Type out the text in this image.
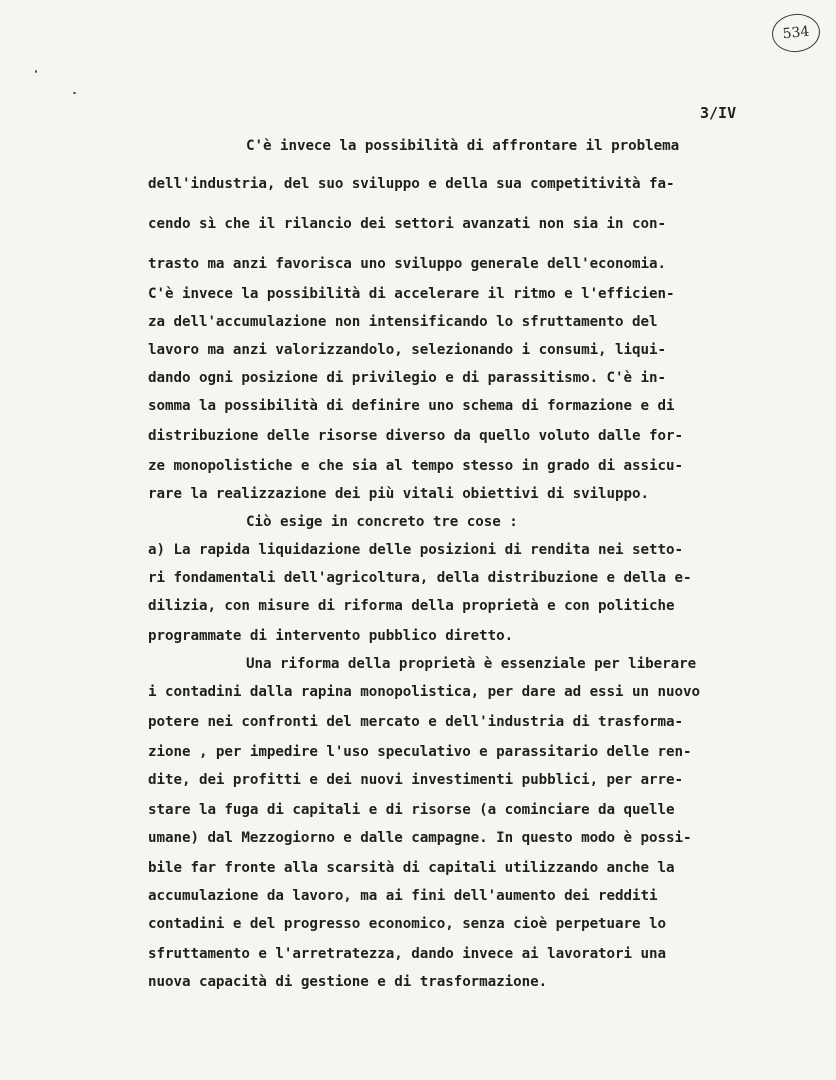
534
3/IV
C'è invece la possibilità di affrontare il problema
dell'industria, del suo sviluppo e della sua competitività fa-
cendo sì che il rilancio dei settori avanzati non sia in con-
trasto ma anzi favorisca uno sviluppo generale dell'economia.
C'è invece la possibilità di accelerare il ritmo e l'efficien-
za dell'accumulazione non intensificando lo sfruttamento del
lavoro ma anzi valorizzandolo, selezionando i consumi, liqui-
dando ogni posizione di privilegio e di parassitismo. C'è in-
somma la possibilità di definire uno schema di formazione e di
distribuzione delle risorse diverso da quello voluto dalle for-
ze monopolistiche e che sia al tempo stesso in grado di assicu-
rare la realizzazione dei più vitali obiettivi di sviluppo.
Ciò esige in concreto tre cose :
a) La rapida liquidazione delle posizioni di rendita nei setto-
ri fondamentali dell'agricoltura, della distribuzione e della e-
dilizia, con misure di riforma della proprietà e con politiche
programmate di intervento pubblico diretto.
Una riforma della proprietà è essenziale per liberare
i contadini dalla rapina monopolistica, per dare ad essi un nuovo
potere nei confronti del mercato e dell'industria di trasforma-
zione , per impedire l'uso speculativo e parassitario delle ren-
dite, dei profitti e dei nuovi investimenti pubblici, per arre-
stare la fuga di capitali e di risorse (a cominciare da quelle
umane) dal Mezzogiorno e dalle campagne. In questo modo è possi-
bile far fronte alla scarsità di capitali utilizzando anche la
accumulazione da lavoro, ma ai fini dell'aumento dei redditi
contadini e del progresso economico, senza cioè perpetuare lo
sfruttamento e l'arretratezza, dando invece ai lavoratori una
nuova capacità di gestione e di trasformazione.
